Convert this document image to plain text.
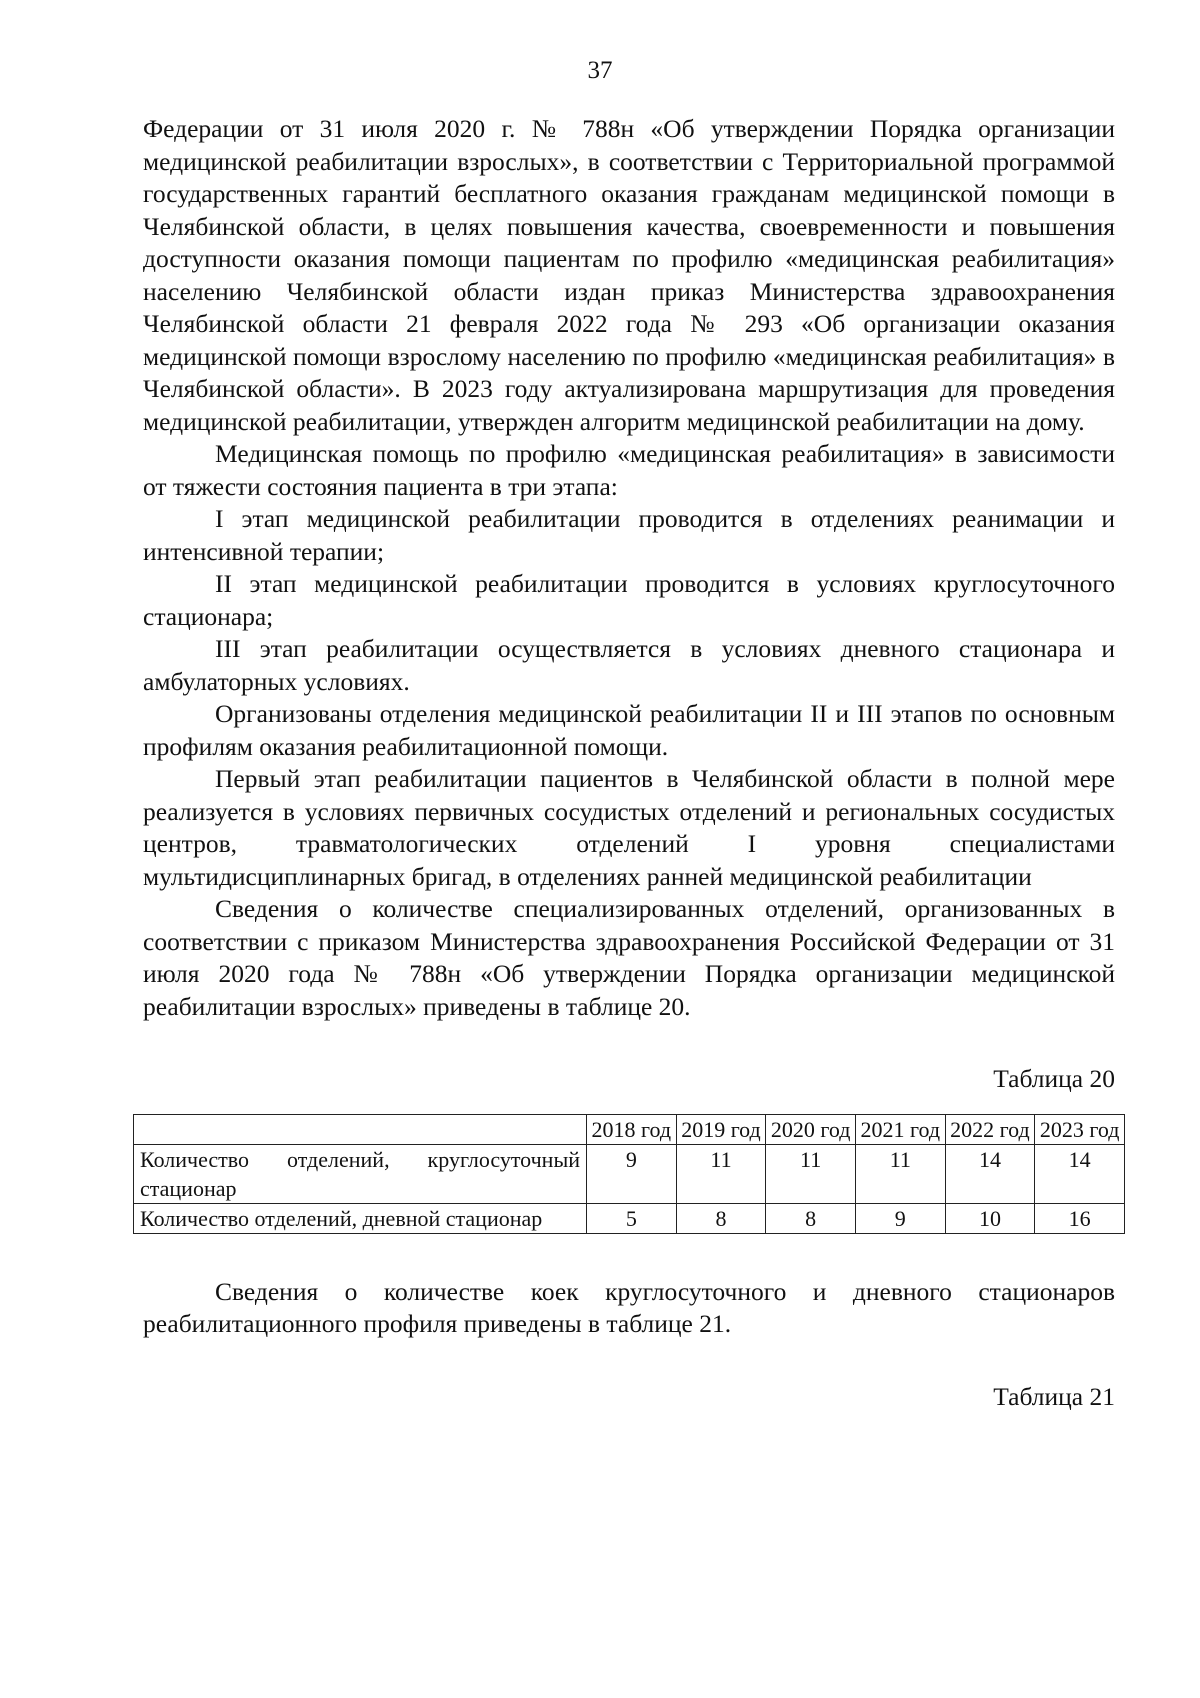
37

Федерации от 31 июля 2020 г. № 788н «Об утверждении Порядка организации медицинской реабилитации взрослых», в соответствии с Территориальной программой государственных гарантий бесплатного оказания гражданам медицинской помощи в Челябинской области, в целях повышения качества, своевременности и повышения доступности оказания помощи пациентам по профилю «медицинская реабилитация» населению Челябинской области издан приказ Министерства здравоохранения Челябинской области 21 февраля 2022 года № 293 «Об организации оказания медицинской помощи взрослому населению по профилю «медицинская реабилитация» в Челябинской области». В 2023 году актуализирована маршрутизация для проведения медицинской реабилитации, утвержден алгоритм медицинской реабилитации на дому.

Медицинская помощь по профилю «медицинская реабилитация» в зависимости от тяжести состояния пациента в три этапа:

I этап медицинской реабилитации проводится в отделениях реанимации и интенсивной терапии;

II этап медицинской реабилитации проводится в условиях круглосуточного стационара;

III этап реабилитации осуществляется в условиях дневного стационара и амбулаторных условиях.

Организованы отделения медицинской реабилитации II и III этапов по основным профилям оказания реабилитационной помощи.

Первый этап реабилитации пациентов в Челябинской области в полной мере реализуется в условиях первичных сосудистых отделений и региональных сосудистых центров, травматологических отделений I уровня специалистами мультидисциплинарных бригад, в отделениях ранней медицинской реабилитации

Сведения о количестве специализированных отделений, организованных в соответствии с приказом Министерства здравоохранения Российской Федерации от 31 июля 2020 года № 788н «Об утверждении Порядка организации медицинской реабилитации взрослых» приведены в таблице 20.

Таблица 20
	2018 год	2019 год	2020 год	2021 год	2022 год	2023 год
Количество отделений, круглосуточный стационар	9	11	11	11	14	14
Количество отделений, дневной стационар	5	8	8	9	10	16

Сведения о количестве коек круглосуточного и дневного стационаров реабилитационного профиля приведены в таблице 21.

Таблица 21
